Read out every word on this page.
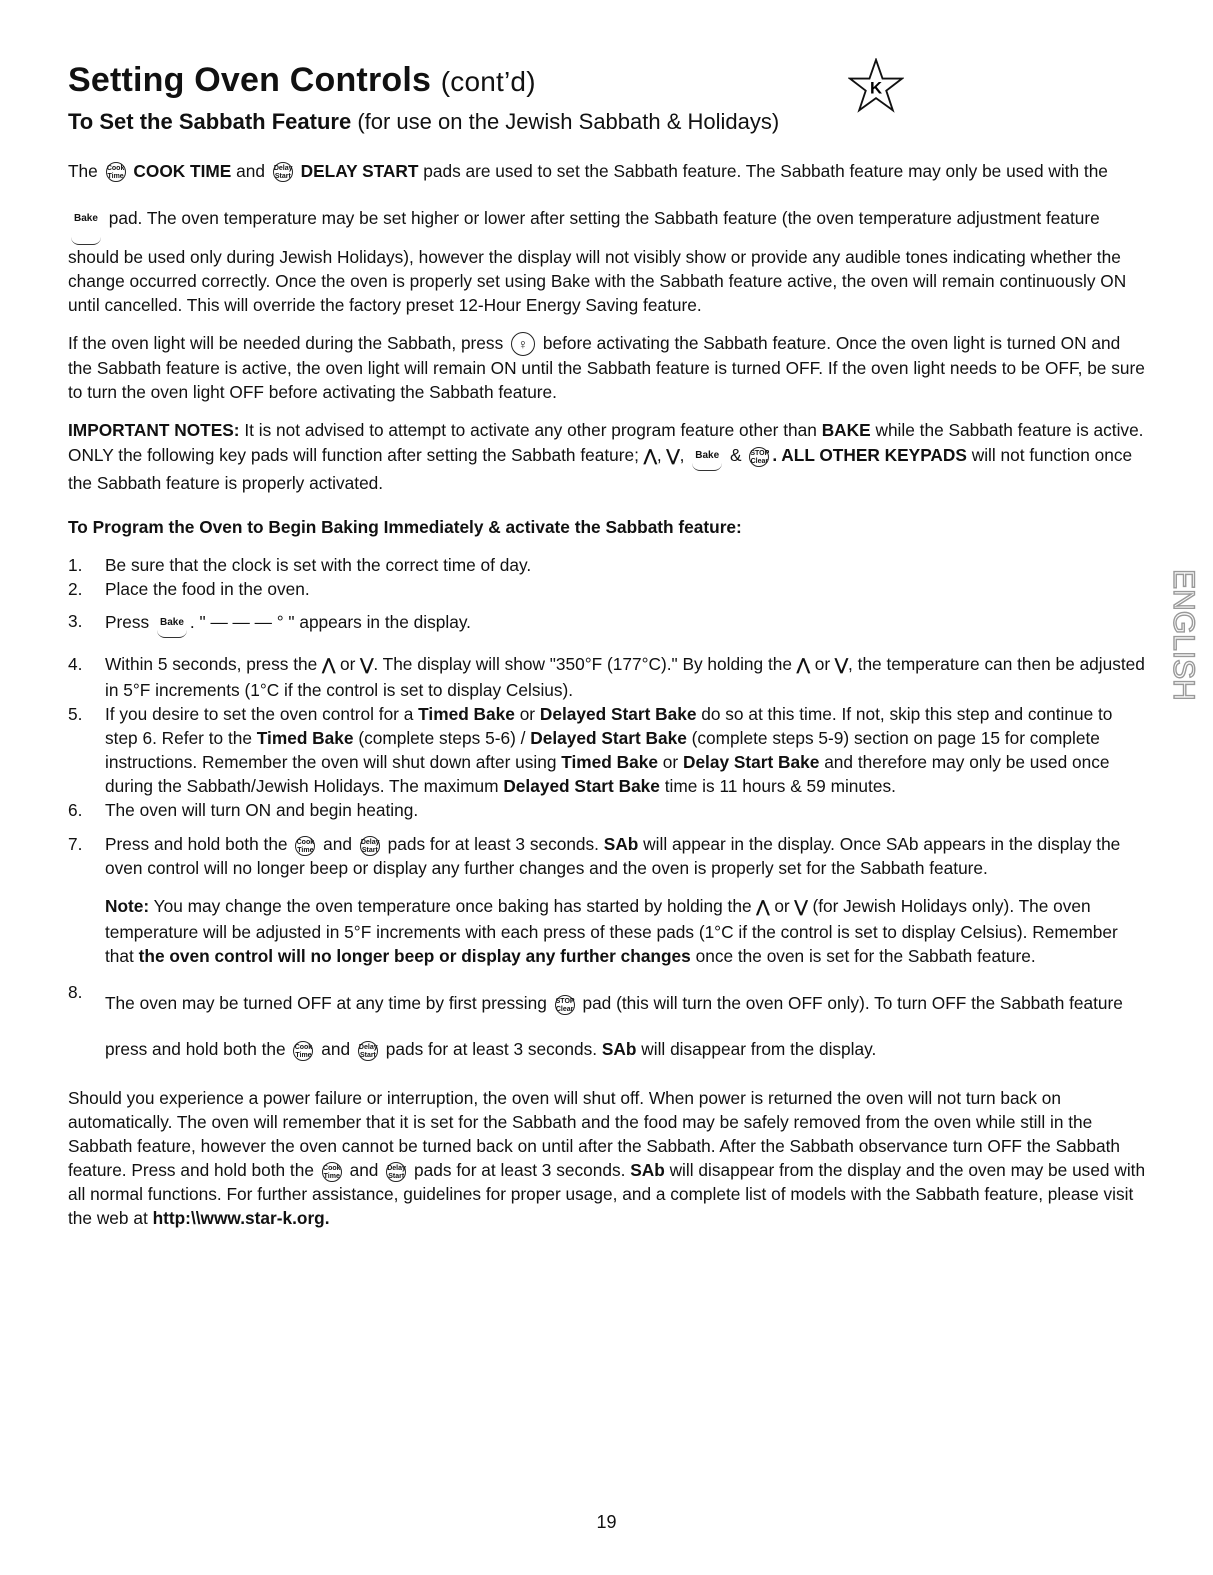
Setting Oven Controls (cont’d)	K
To Set the Sabbath Feature (for use on the Jewish Sabbath & Holidays)

The Cook Time COOK TIME and Delay Start DELAY START pads are used to set the Sabbath feature. The Sabbath feature may only be used with the Bake pad. The oven temperature may be set higher or lower after setting the Sabbath feature (the oven temperature adjustment feature should be used only during Jewish Holidays), however the display will not visibly show or provide any audible tones indicating whether the change occurred correctly. Once the oven is properly set using Bake with the Sabbath feature active, the oven will remain continuously ON until cancelled. This will override the factory preset 12-Hour Energy Saving feature.

If the oven light will be needed during the Sabbath, press ♀ before activating the Sabbath feature. Once the oven light is turned ON and the Sabbath feature is active, the oven light will remain ON until the Sabbath feature is turned OFF. If the oven light needs to be OFF, be sure to turn the oven light OFF before activating the Sabbath feature.

IMPORTANT NOTES: It is not advised to attempt to activate any other program feature other than BAKE while the Sabbath feature is active. ONLY the following key pads will function after setting the Sabbath feature; ⋀, ⋁, Bake & STOP Clear . ALL OTHER KEYPADS will not function once the Sabbath feature is properly activated.

To Program the Oven to Begin Baking Immediately & activate the Sabbath feature:

1. Be sure that the clock is set with the correct time of day.
2. Place the food in the oven.
3. Press Bake . " — — — ° " appears in the display.
4. Within 5 seconds, press the ⋀ or ⋁. The display will show "350°F (177°C)." By holding the ⋀ or ⋁, the temperature can then be adjusted in 5°F increments (1°C if the control is set to display Celsius).
5. If you desire to set the oven control for a Timed Bake or Delayed Start Bake do so at this time. If not, skip this step and continue to step 6. Refer to the Timed Bake (complete steps 5-6) / Delayed Start Bake (complete steps 5-9) section on page 15 for complete instructions. Remember the oven will shut down after using Timed Bake or Delay Start Bake and therefore may only be used once during the Sabbath/Jewish Holidays. The maximum Delayed Start Bake time is 11 hours & 59 minutes.
6. The oven will turn ON and begin heating.
7. Press and hold both the Cook Time and Delay Start pads for at least 3 seconds. SAb will appear in the display. Once SAb appears in the display the oven control will no longer beep or display any further changes and the oven is properly set for the Sabbath feature.
Note: You may change the oven temperature once baking has started by holding the ⋀ or ⋁ (for Jewish Holidays only). The oven temperature will be adjusted in 5°F increments with each press of these pads (1°C if the control is set to display Celsius). Remember that the oven control will no longer beep or display any further changes once the oven is set for the Sabbath feature.
8.
The oven may be turned OFF at any time by first pressing STOP Clear pad (this will turn the oven OFF only). To turn OFF the Sabbath feature press and hold both the Cook Time and Delay Start pads for at least 3 seconds. SAb will disappear from the display.

Should you experience a power failure or interruption, the oven will shut off. When power is returned the oven will not turn back on automatically. The oven will remember that it is set for the Sabbath and the food may be safely removed from the oven while still in the Sabbath feature, however the oven cannot be turned back on until after the Sabbath. After the Sabbath observance turn OFF the Sabbath feature. Press and hold both the Cook Time and Delay Start pads for at least 3 seconds. SAb will disappear from the display and the oven may be used with all normal functions. For further assistance, guidelines for proper usage, and a complete list of models with the Sabbath feature, please visit the web at http:\\www.star-k.org.

19
ENGLISH
